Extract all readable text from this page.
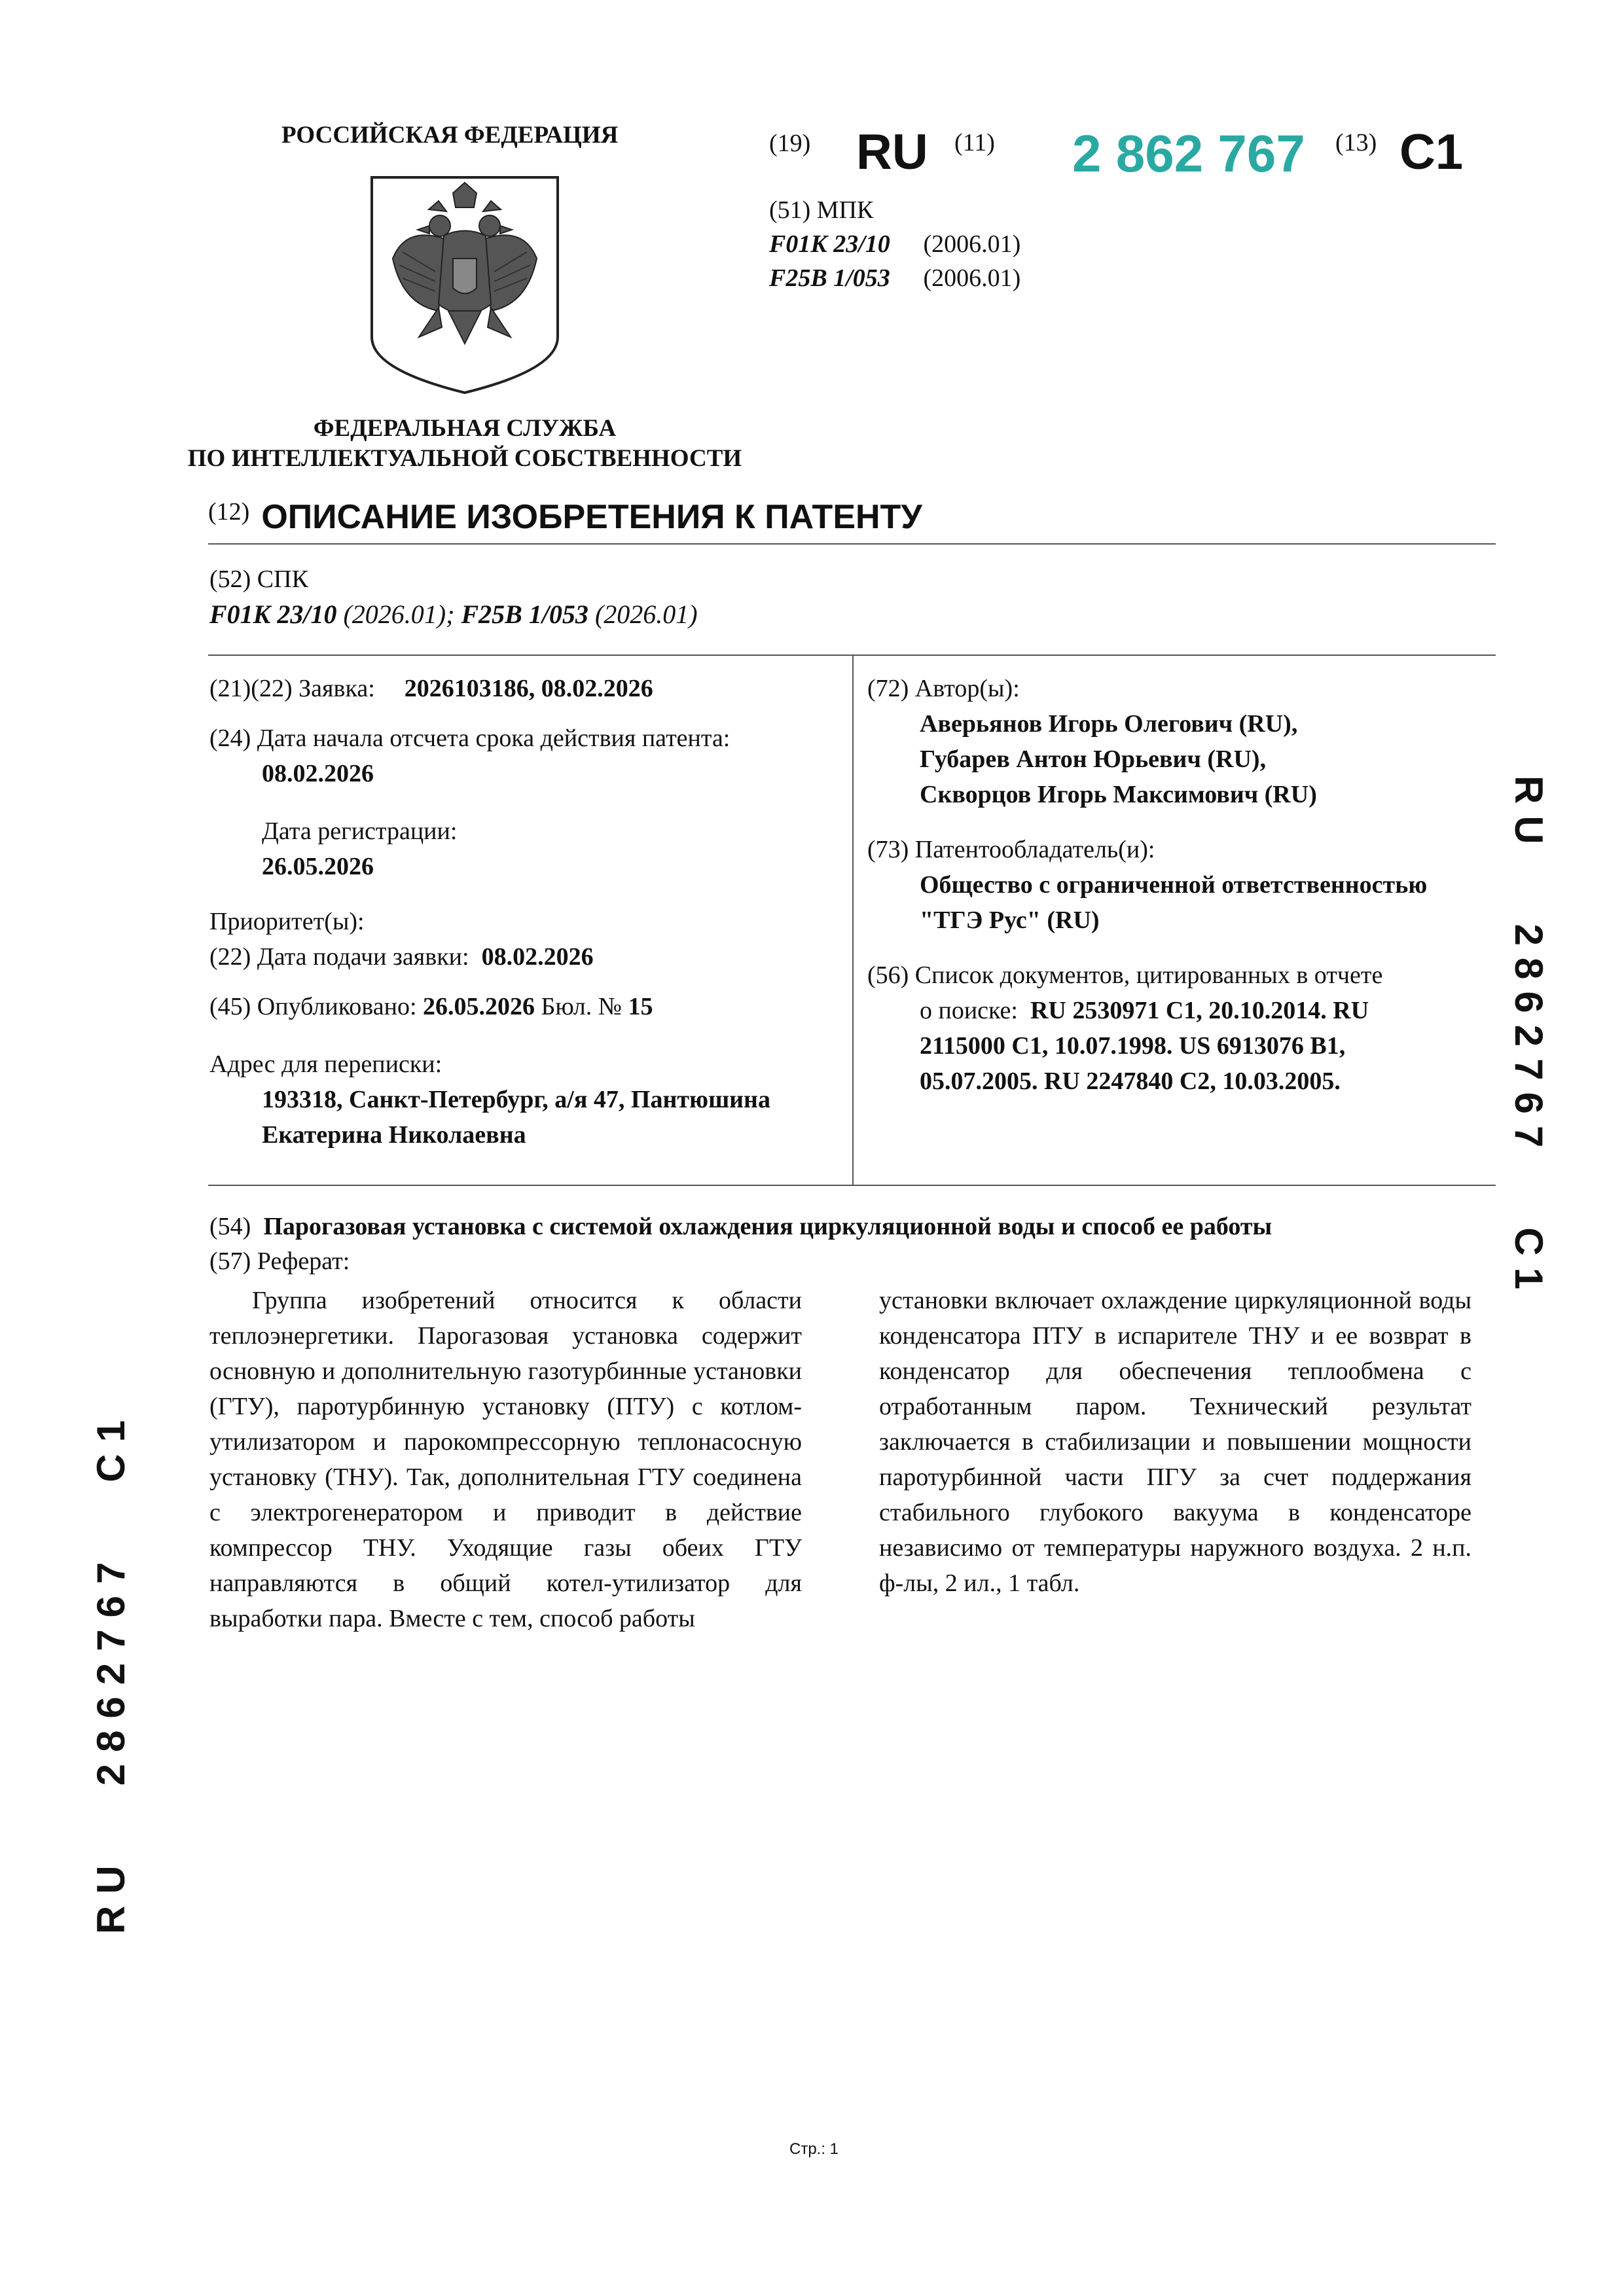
РОССИЙСКАЯ ФЕДЕРАЦИЯ
ФЕДЕРАЛЬНАЯ СЛУЖБА
ПО ИНТЕЛЛЕКТУАЛЬНОЙ СОБСТВЕННОСТИ
(19) RU (11) 2 862 767 (13) C1
(51) МПК
F01K 23/10 (2006.01)
F25B 1/053 (2006.01)
(12) ОПИСАНИЕ ИЗОБРЕТЕНИЯ К ПАТЕНТУ
(52) СПК
F01K 23/10 (2026.01); F25B 1/053 (2026.01)

(21)(22) Заявка: 2026103186, 08.02.2026

(24) Дата начала отсчета срока действия патента:

08.02.2026

Дата регистрации:

26.05.2026

Приоритет(ы):

(22) Дата подачи заявки: 08.02.2026

(45) Опубликовано: 26.05.2026 Бюл. № 15

Адрес для переписки:

193318, Санкт-Петербург, а/я 47, Пантюшина

Екатерина Николаевна

(72) Автор(ы):

Аверьянов Игорь Олегович (RU),

Губарев Антон Юрьевич (RU),

Скворцов Игорь Максимович (RU)

(73) Патентообладатель(и):

Общество с ограниченной ответственностью

"ТГЭ Рус" (RU)

(56) Список документов, цитированных в отчете

о поиске: RU 2530971 C1, 20.10.2014. RU

2115000 C1, 10.07.1998. US 6913076 B1,

05.07.2005. RU 2247840 C2, 10.03.2005.

(54) Парогазовая установка с системой охлаждения циркуляционной воды и способ ее работы
(57) Реферат:
Группа изобретений относится к области теплоэнергетики. Парогазовая установка содержит основную и дополнительную газотурбинные установки (ГТУ), паротурбинную установку (ПТУ) с котлом-утилизатором и парокомпрессорную теплонасосную установку (ТНУ). Так, дополнительная ГТУ соединена с электрогенератором и приводит в действие компрессор ТНУ. Уходящие газы обеих ГТУ направляются в общий котел-утилизатор для выработки пара. Вместе с тем, способ работы
установки включает охлаждение циркуляционной воды конденсатора ПТУ в испарителе ТНУ и ее возврат в конденсатор для обеспечения теплообмена с отработанным паром. Технический результат заключается в стабилизации и повышении мощности паротурбинной части ПГУ за счет поддержания стабильного глубокого вакуума в конденсаторе независимо от температуры наружного воздуха. 2 н.п. ф-лы, 2 ил., 1 табл.
RU   2862767   C1
RU   2862767   C1
Стр.: 1
